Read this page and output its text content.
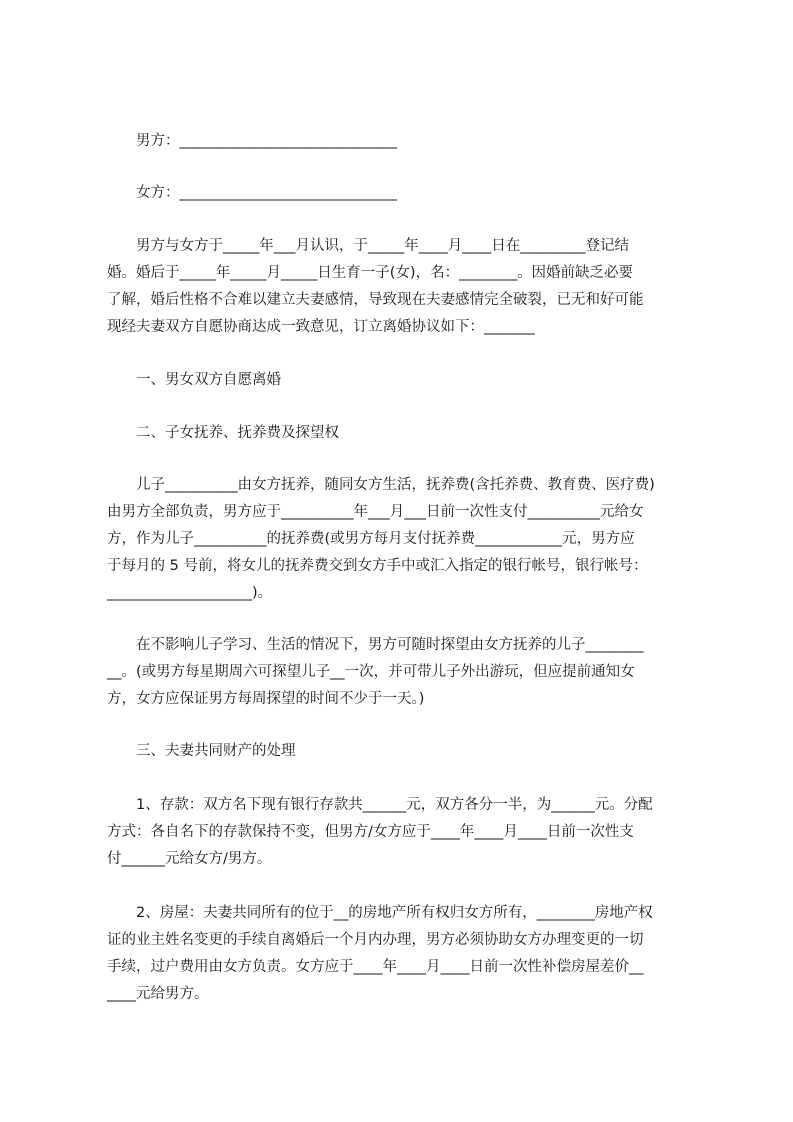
男方：______________________________
女方：______________________________
男方与女方于_____年___月认识，于_____年____月____日在_________登记结
婚。婚后于_____年_____月_____日生育一子(女)，名：________。因婚前缺乏必要
了解，婚后性格不合难以建立夫妻感情，导致现在夫妻感情完全破裂，已无和好可能
现经夫妻双方自愿协商达成一致意见，订立离婚协议如下：_______
一、男女双方自愿离婚
二、子女抚养、抚养费及探望权
儿子__________由女方抚养，随同女方生活，抚养费(含托养费、教育费、医疗费)
由男方全部负责，男方应于__________年___月___日前一次性支付__________元给女
方，作为儿子__________的抚养费(或男方每月支付抚养费____________元，男方应
于每月的 5 号前，将女儿的抚养费交到女方手中或汇入指定的银行帐号，银行帐号：
____________________)。
在不影响儿子学习、生活的情况下，男方可随时探望由女方抚养的儿子________
__。(或男方每星期周六可探望儿子__一次，并可带儿子外出游玩，但应提前通知女
方，女方应保证男方每周探望的时间不少于一天。)
三、夫妻共同财产的处理
1、存款：双方名下现有银行存款共______元，双方各分一半，为______元。分配
方式：各自名下的存款保持不变，但男方/女方应于____年____月____日前一次性支
付______元给女方/男方。
2、房屋：夫妻共同所有的位于__的房地产所有权归女方所有，________房地产权
证的业主姓名变更的手续自离婚后一个月内办理，男方必须协助女方办理变更的一切
手续，过户费用由女方负责。女方应于____年____月____日前一次性补偿房屋差价__
____元给男方。
